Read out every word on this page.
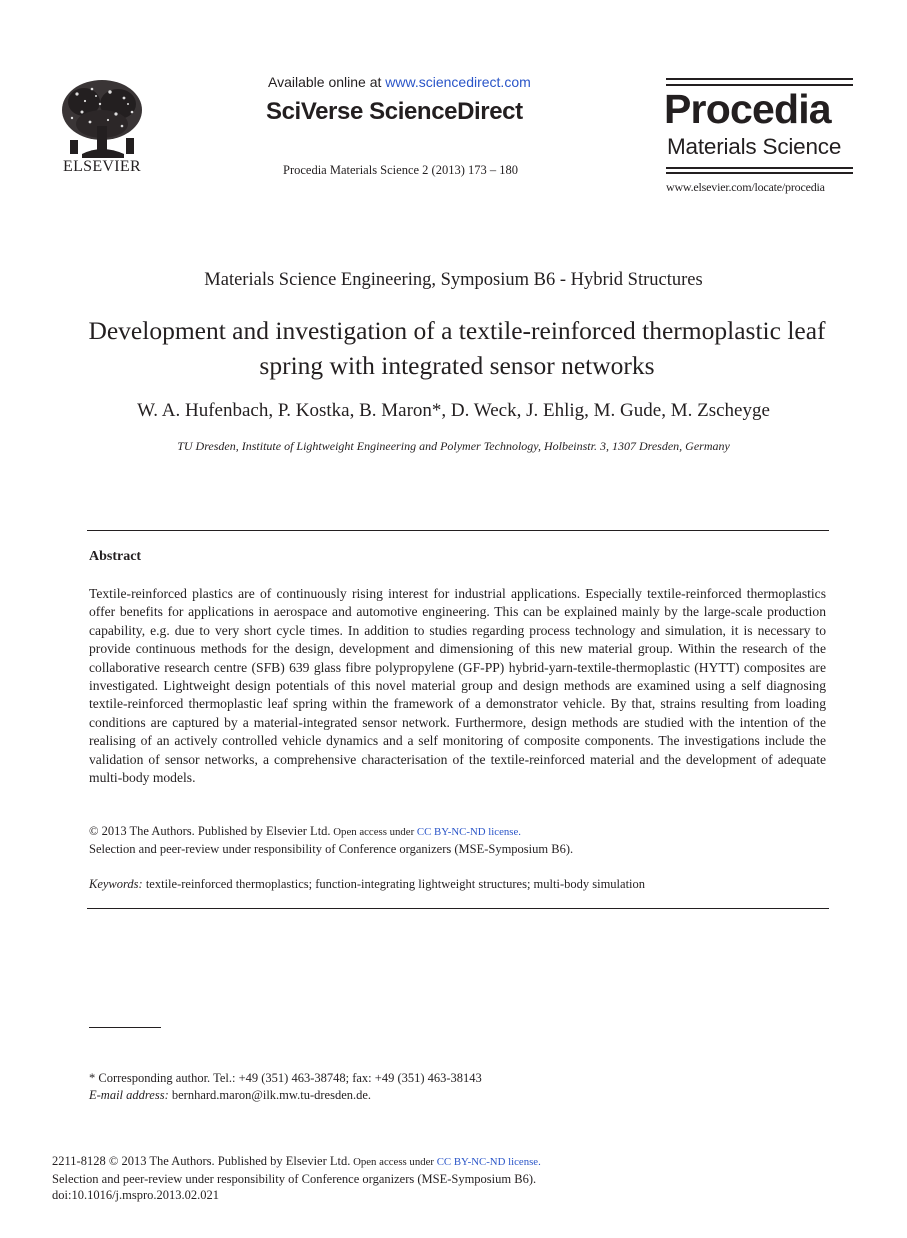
ELSEVIER
Available online at www.sciencedirect.com
SciVerse ScienceDirect
Procedia Materials Science 2 (2013) 173 – 180
Procedia
Materials Science
www.elsevier.com/locate/procedia
Materials Science Engineering, Symposium B6 - Hybrid Structures
Development and investigation of a textile-reinforced thermoplastic leaf spring with integrated sensor networks
W. A. Hufenbach, P. Kostka, B. Maron*, D. Weck, J. Ehlig, M. Gude, M. Zscheyge
TU Dresden, Institute of Lightweight Engineering and Polymer Technology, Holbeinstr. 3, 1307 Dresden, Germany
Abstract
Textile-reinforced plastics are of continuously rising interest for industrial applications. Especially textile-reinforced thermoplastics offer benefits for applications in aerospace and automotive engineering. This can be explained mainly by the large-scale production capability, e.g. due to very short cycle times. In addition to studies regarding process technology and simulation, it is necessary to provide continuous methods for the design, development and dimensioning of this new material group. Within the research of the collaborative research centre (SFB) 639 glass fibre polypropylene (GF-PP) hybrid-yarn-textile-thermoplastic (HYTT) composites are investigated. Lightweight design potentials of this novel material group and design methods are examined using a self diagnosing textile-reinforced thermoplastic leaf spring within the framework of a demonstrator vehicle. By that, strains resulting from loading conditions are captured by a material-integrated sensor network. Furthermore, design methods are studied with the intention of the realising of an actively controlled vehicle dynamics and a self monitoring of composite components. The investigations include the validation of sensor networks, a comprehensive characterisation of the textile-reinforced material and the development of adequate multi-body models.
© 2013 The Authors. Published by Elsevier Ltd. Open access under CC BY-NC-ND license.
Selection and peer-review under responsibility of Conference organizers (MSE-Symposium B6).
Keywords: textile-reinforced thermoplastics; function-integrating lightweight structures; multi-body simulation
* Corresponding author. Tel.: +49 (351) 463-38748; fax: +49 (351) 463-38143
E-mail address: bernhard.maron@ilk.mw.tu-dresden.de.
2211-8128 © 2013 The Authors. Published by Elsevier Ltd. Open access under CC BY-NC-ND license.
Selection and peer-review under responsibility of Conference organizers (MSE-Symposium B6).
doi:10.1016/j.mspro.2013.02.021
